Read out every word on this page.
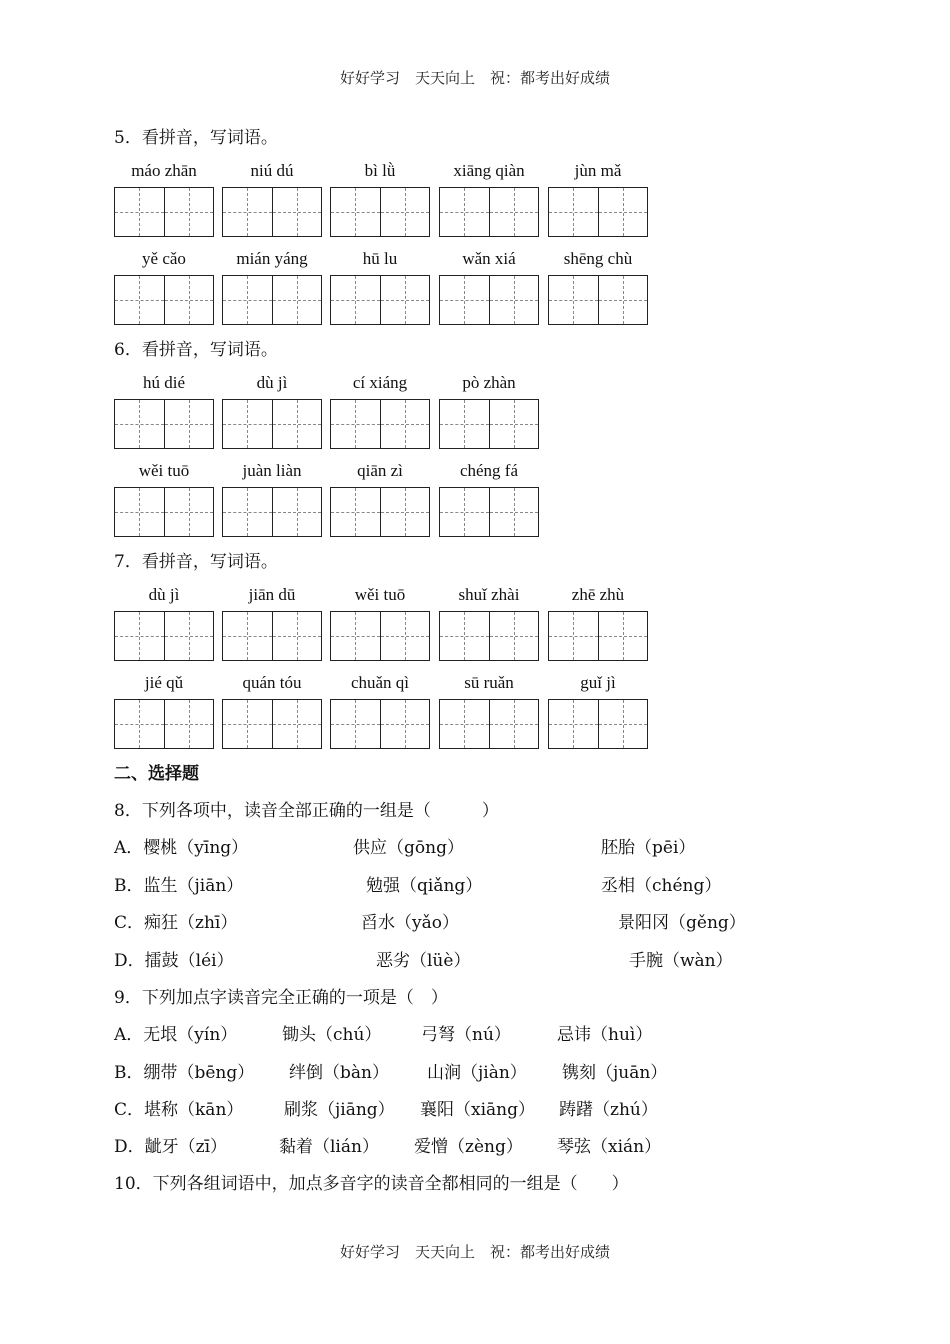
好好学习　天天向上　祝：都考出好成绩
5．看拼音，写词语。
6．看拼音，写词语。
7．看拼音，写词语。
二、选择题
8．下列各项中，读音全部正确的一组是（　　　）
A．樱桃（yīng）	供应（gōng）	胚胎（pēi）
B．监生（jiān）	勉强（qiǎng）	丞相（chéng）
C．痴狂（zhī）	舀水（yǎo）	景阳冈（gěng）
D．擂鼓（léi）	恶劣（lüè）	手腕（wàn）
9．下列加点字读音完全正确的一项是（　）
A．无垠（yín）	锄头（chú） 弓弩（nú）	忌讳（huì）
B．绷带（bēng） 绊倒（bàn） 山涧（jiàn） 镌刻（juān）
C．堪称（kān） 刷浆（jiāng） 襄阳（xiāng） 踌躇（zhú）
D．龇牙（zī）	黏着（lián） 爱憎（zèng） 琴弦（xián）
10．下列各组词语中，加点多音字的读音全都相同的一组是（　　）
好好学习　天天向上　祝：都考出好成绩
máo zhān	niú dú	bì lǜ	xiāng qiàn	jùn mǎ
yě cǎo	mián yáng	hū lu	wǎn xiá	shēng chù
hú dié	dù jì	cí xiáng	pò zhàn
wěi tuō	juàn liàn	qiān zì	chéng fá
dù jì	jiān dū	wěi tuō	shuǐ zhài	zhē zhù
jié qǔ	quán tóu	chuǎn qì	sū ruǎn	guǐ jì
